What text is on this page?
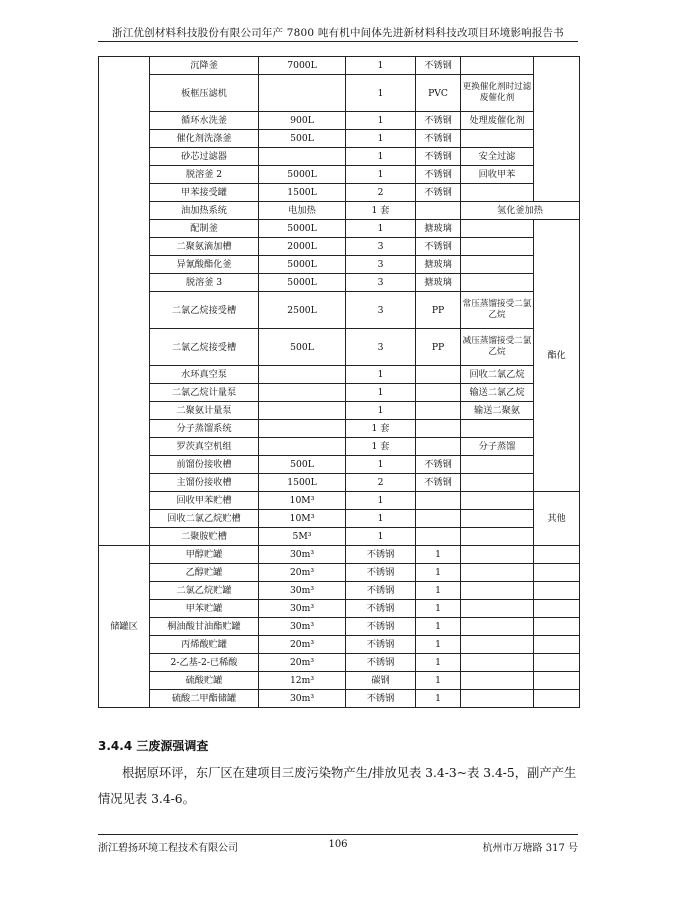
浙江优创材料科技股份有限公司年产 7800 吨有机中间体先进新材料科技改项目环境影响报告书
	沉降釜	7000L	1	不锈钢		
	板框压滤机		1	PVC	更换催化剂时过滤废催化剂	
	循环水洗釜	900L	1	不锈钢	处理废催化剂	
	催化剂洗涤釜	500L	1	不锈钢		
	砂芯过滤器		1	不锈钢	安全过滤	
	脱溶釜 2	5000L	1	不锈钢	回收甲苯	
	甲苯接受罐	1500L	2	不锈钢		
	油加热系统	电加热	1 套		氢化釜加热	
	配制釜	5000L	1	搪玻璃		酯化
	二聚氨滴加槽	2000L	3	不锈钢		
	异氰酸酯化釜	5000L	3	搪玻璃		
	脱溶釜 3	5000L	3	搪玻璃		
	二氯乙烷接受槽	2500L	3	PP	常压蒸馏接受二氯乙烷	
	二氯乙烷接受槽	500L	3	PP	减压蒸馏接受二氯乙烷	
	水环真空泵		1		回收二氯乙烷	
	二氯乙烷计量泵		1		输送二氯乙烷	
	二聚氨计量泵		1		输送二聚氨	
	分子蒸馏系统		1 套			
	罗茨真空机组		1 套		分子蒸馏	
	前馏份接收槽	500L	1	不锈钢		
	主馏份接收槽	1500L	2	不锈钢		
	回收甲苯贮槽	10M³	1			其他
	回收二氯乙烷贮槽	10M³	1			
	二聚胺贮槽	5M³	1			
储罐区	甲醇贮罐	30m³	不锈钢	1		
	乙醇贮罐	20m³	不锈钢	1		
	二氯乙烷贮罐	30m³	不锈钢	1		
	甲苯贮罐	30m³	不锈钢	1		
	桐油酸甘油酯贮罐	30m³	不锈钢	1		
	丙烯酸贮罐	20m³	不锈钢	1		
	2-乙基-2-已稀酸	20m³	不锈钢	1		
	硫酸贮罐	12m³	碳钢	1		
	硫酸二甲酯储罐	30m³	不锈钢	1		
3.4.4 三废源强调查
根据原环评，东厂区在建项目三废污染物产生/排放见表 3.4-3~表 3.4-5，副产产生情况见表 3.4-6。
浙江碧扬环境工程技术有限公司	106	杭州市万塘路 317 号
